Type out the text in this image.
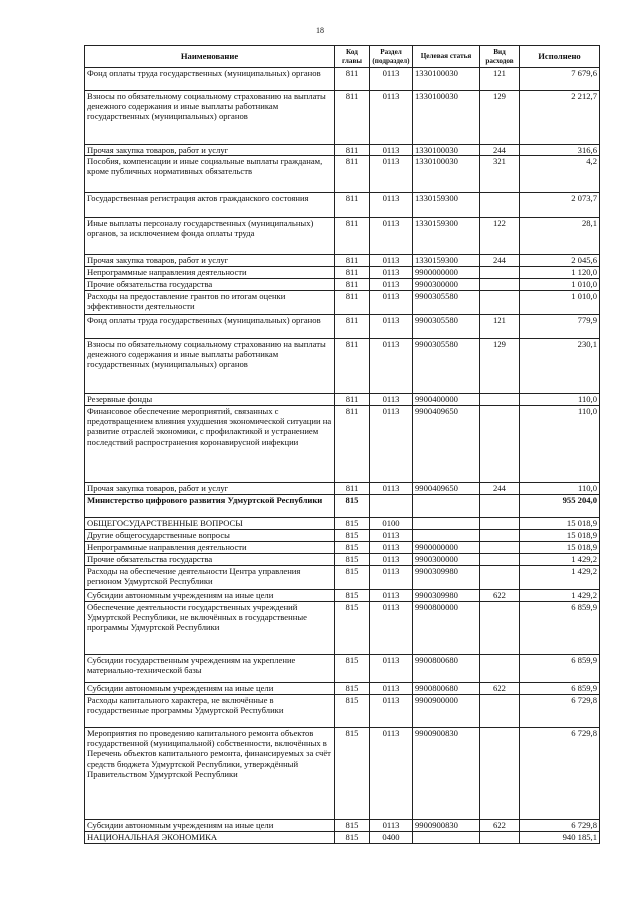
18
Наименование	Код главы	Раздел (подраздел)	Целевая статья	Вид расходов	Исполнено
Фонд оплаты труда государственных (муниципальных) органов	811	0113	1330100030	121	7 679,6
Взносы по обязательному социальному страхованию на выплаты денежного содержания и иные выплаты работникам государственных (муниципальных) органов	811	0113	1330100030	129	2 212,7
Прочая закупка товаров, работ и услуг	811	0113	1330100030	244	316,6
Пособия, компенсации и иные социальные выплаты гражданам, кроме публичных нормативных обязательств	811	0113	1330100030	321	4,2
Государственная регистрация актов гражданского состояния	811	0113	1330159300		2 073,7
Иные выплаты персоналу государственных (муниципальных) органов, за исключением фонда оплаты труда	811	0113	1330159300	122	28,1
Прочая закупка товаров, работ и услуг	811	0113	1330159300	244	2 045,6
Непрограммные направления деятельности	811	0113	9900000000		1 120,0
Прочие обязательства государства	811	0113	9900300000		1 010,0
Расходы на предоставление грантов по итогам оценки эффективности деятельности	811	0113	9900305580		1 010,0
Фонд оплаты труда государственных (муниципальных) органов	811	0113	9900305580	121	779,9
Взносы по обязательному социальному страхованию на выплаты денежного содержания и иные выплаты работникам государственных (муниципальных) органов	811	0113	9900305580	129	230,1
Резервные фонды	811	0113	9900400000		110,0
Финансовое обеспечение мероприятий, связанных с предотвращением влияния ухудшения экономической ситуации на развитие отраслей экономики, с профилактикой и устранением последствий распространения коронавирусной инфекции	811	0113	9900409650		110,0
Прочая закупка товаров, работ и услуг	811	0113	9900409650	244	110,0
Министерство цифрового развития Удмуртской Республики	815				955 204,0
ОБЩЕГОСУДАРСТВЕННЫЕ ВОПРОСЫ	815	0100			15 018,9
Другие общегосударственные вопросы	815	0113			15 018,9
Непрограммные направления деятельности	815	0113	9900000000		15 018,9
Прочие обязательства государства	815	0113	9900300000		1 429,2
Расходы на обеспечение деятельности Центра управления регионом Удмуртской Республики	815	0113	9900309980		1 429,2
Субсидии автономным учреждениям на иные цели	815	0113	9900309980	622	1 429,2
Обеспечение деятельности государственных учреждений Удмуртской Республики, не включённых в государственные программы Удмуртской Республики	815	0113	9900800000		6 859,9
Субсидии государственным учреждениям на укрепление материально-технической базы	815	0113	9900800680		6 859,9
Субсидии автономным учреждениям на иные цели	815	0113	9900800680	622	6 859,9
Расходы капитального характера, не включённые в государственные программы Удмуртской Республики	815	0113	9900900000		6 729,8
Мероприятия по проведению капитального ремонта объектов государственной (муниципальной) собственности, включённых в Перечень объектов капитального ремонта, финансируемых за счёт средств бюджета Удмуртской Республики, утверждённый Правительством Удмуртской Республики	815	0113	9900900830		6 729,8
Субсидии автономным учреждениям на иные цели	815	0113	9900900830	622	6 729,8
НАЦИОНАЛЬНАЯ ЭКОНОМИКА	815	0400			940 185,1
